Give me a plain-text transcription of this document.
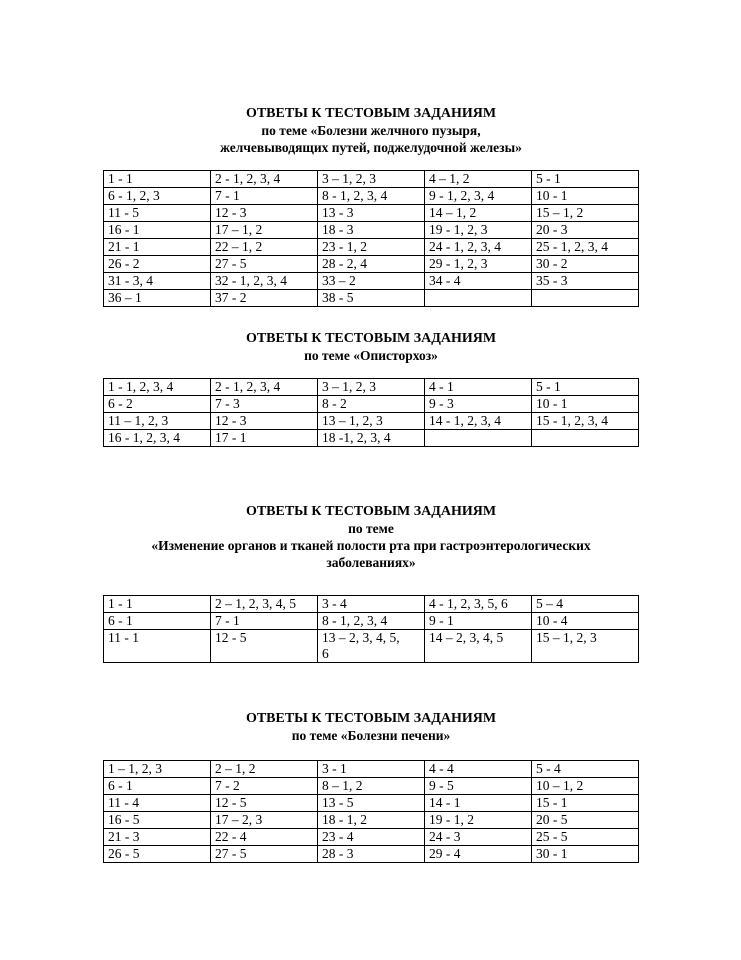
ОТВЕТЫ К ТЕСТОВЫМ ЗАДАНИЯМ
по теме «Болезни желчного пузыря,
желчевыводящих путей, поджелудочной железы»
1 - 1	2 - 1, 2, 3, 4	3 – 1, 2, 3	4 – 1, 2	5 - 1
6 - 1, 2, 3	7 - 1	8 - 1, 2, 3, 4	9 - 1, 2, 3, 4	10 - 1
11 - 5	12 - 3	13 - 3	14 – 1, 2	15 – 1, 2
16 - 1	17 – 1, 2	18 - 3	19 - 1, 2, 3	20 - 3
21 - 1	22 – 1, 2	23 - 1, 2	24 - 1, 2, 3, 4	25 - 1, 2, 3, 4
26 - 2	27 - 5	28 - 2, 4	29 - 1, 2, 3	30 - 2
31 - 3, 4	32 - 1, 2, 3, 4	33 – 2	34 - 4	35 - 3
36 – 1	37 - 2	38 - 5		
ОТВЕТЫ К ТЕСТОВЫМ ЗАДАНИЯМ
по теме «Описторхоз»
1 - 1, 2, 3, 4	2 - 1, 2, 3, 4	3 – 1, 2, 3	4 - 1	5 - 1
6 - 2	7 - 3	8 - 2	9 - 3	10 - 1
11 – 1, 2, 3	12 - 3	13 – 1, 2, 3	14 - 1, 2, 3, 4	15 - 1, 2, 3, 4
16 - 1, 2, 3, 4	17 - 1	18 -1, 2, 3, 4		
ОТВЕТЫ К ТЕСТОВЫМ ЗАДАНИЯМ
по теме
«Изменение органов и тканей полости рта при гастроэнтерологических
заболеваниях»
1 - 1	2 – 1, 2, 3, 4, 5	3 - 4	4 - 1, 2, 3, 5, 6	5 – 4
6 - 1	7 - 1	8 - 1, 2, 3, 4	9 - 1	10 - 4
11 - 1	12 - 5	13 – 2, 3, 4, 5,
6	14 – 2, 3, 4, 5	15 – 1, 2, 3
ОТВЕТЫ К ТЕСТОВЫМ ЗАДАНИЯМ
по теме «Болезни печени»
1 – 1, 2, 3	2 – 1, 2	3 - 1	4 - 4	5 - 4
6 - 1	7 - 2	8 – 1, 2	9 - 5	10 – 1, 2
11 - 4	12 - 5	13 - 5	14 - 1	15 - 1
16 - 5	17 – 2, 3	18 - 1, 2	19 - 1, 2	20 - 5
21 - 3	22 - 4	23 - 4	24 - 3	25 - 5
26 - 5	27 - 5	28 - 3	29 - 4	30 - 1
